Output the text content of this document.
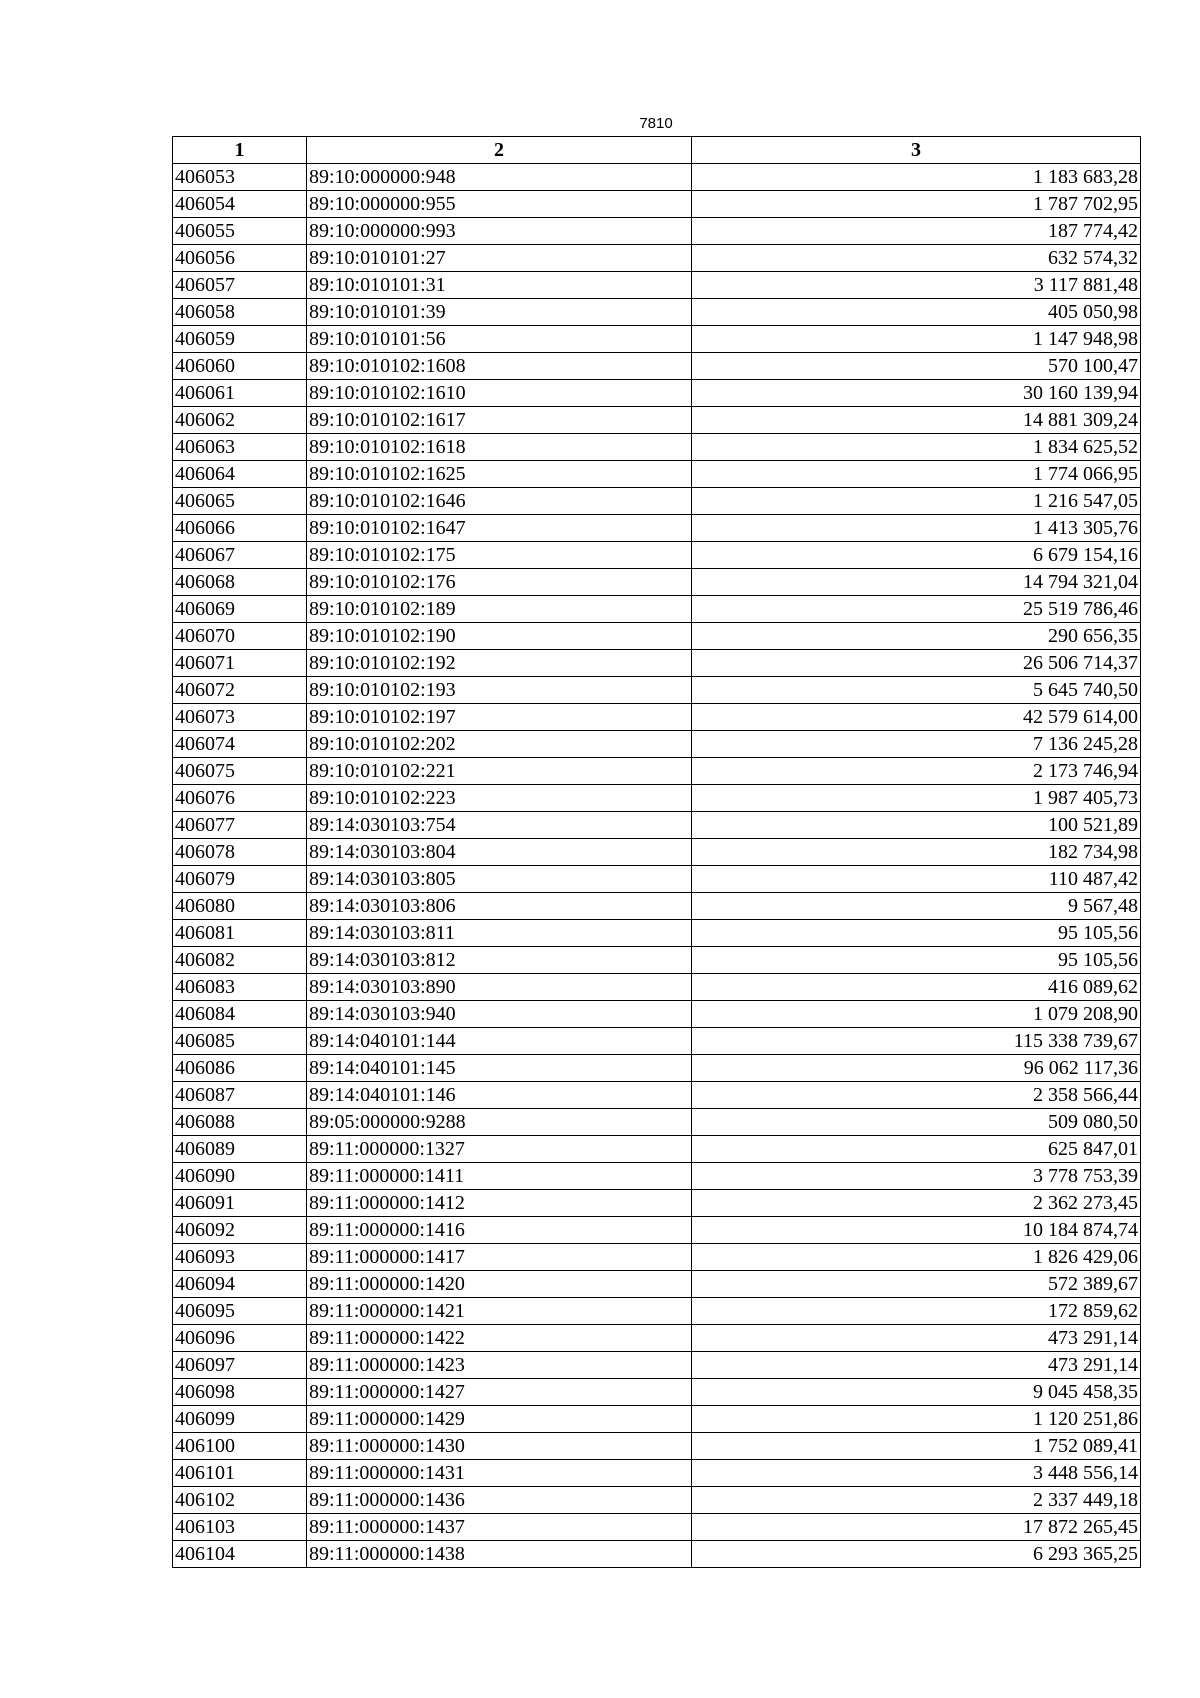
7810
1	2	3
406053	89:10:000000:948	1 183 683,28
406054	89:10:000000:955	1 787 702,95
406055	89:10:000000:993	187 774,42
406056	89:10:010101:27	632 574,32
406057	89:10:010101:31	3 117 881,48
406058	89:10:010101:39	405 050,98
406059	89:10:010101:56	1 147 948,98
406060	89:10:010102:1608	570 100,47
406061	89:10:010102:1610	30 160 139,94
406062	89:10:010102:1617	14 881 309,24
406063	89:10:010102:1618	1 834 625,52
406064	89:10:010102:1625	1 774 066,95
406065	89:10:010102:1646	1 216 547,05
406066	89:10:010102:1647	1 413 305,76
406067	89:10:010102:175	6 679 154,16
406068	89:10:010102:176	14 794 321,04
406069	89:10:010102:189	25 519 786,46
406070	89:10:010102:190	290 656,35
406071	89:10:010102:192	26 506 714,37
406072	89:10:010102:193	5 645 740,50
406073	89:10:010102:197	42 579 614,00
406074	89:10:010102:202	7 136 245,28
406075	89:10:010102:221	2 173 746,94
406076	89:10:010102:223	1 987 405,73
406077	89:14:030103:754	100 521,89
406078	89:14:030103:804	182 734,98
406079	89:14:030103:805	110 487,42
406080	89:14:030103:806	9 567,48
406081	89:14:030103:811	95 105,56
406082	89:14:030103:812	95 105,56
406083	89:14:030103:890	416 089,62
406084	89:14:030103:940	1 079 208,90
406085	89:14:040101:144	115 338 739,67
406086	89:14:040101:145	96 062 117,36
406087	89:14:040101:146	2 358 566,44
406088	89:05:000000:9288	509 080,50
406089	89:11:000000:1327	625 847,01
406090	89:11:000000:1411	3 778 753,39
406091	89:11:000000:1412	2 362 273,45
406092	89:11:000000:1416	10 184 874,74
406093	89:11:000000:1417	1 826 429,06
406094	89:11:000000:1420	572 389,67
406095	89:11:000000:1421	172 859,62
406096	89:11:000000:1422	473 291,14
406097	89:11:000000:1423	473 291,14
406098	89:11:000000:1427	9 045 458,35
406099	89:11:000000:1429	1 120 251,86
406100	89:11:000000:1430	1 752 089,41
406101	89:11:000000:1431	3 448 556,14
406102	89:11:000000:1436	2 337 449,18
406103	89:11:000000:1437	17 872 265,45
406104	89:11:000000:1438	6 293 365,25
